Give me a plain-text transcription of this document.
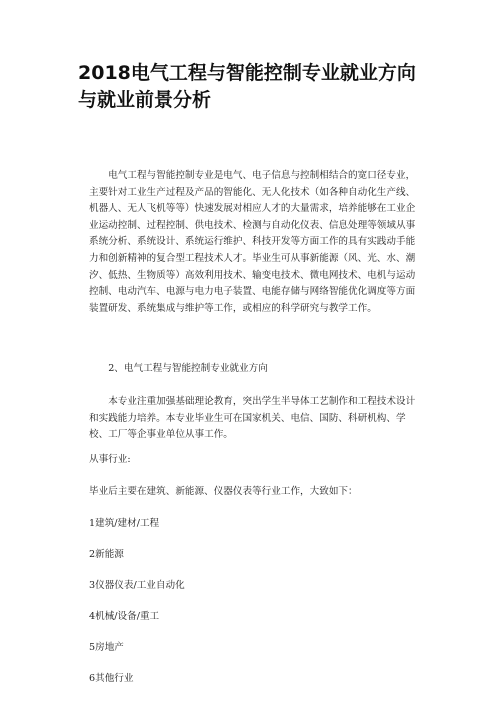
2018电气工程与智能控制专业就业方向与就业前景分析

电气工程与智能控制专业是电气、电子信息与控制相结合的宽口径专业，主要针对工业生产过程及产品的智能化、无人化技术（如各种自动化生产线、机器人、无人飞机等等）快速发展对相应人才的大量需求，培养能够在工业企业运动控制、过程控制、供电技术、检测与自动化仪表、信息处理等领域从事系统分析、系统设计、系统运行维护、科技开发等方面工作的具有实践动手能力和创新精神的复合型工程技术人才。毕业生可从事新能源（风、光、水、潮汐、低热、生物质等）高效利用技术、输变电技术、微电网技术、电机与运动控制、电动汽车、电源与电力电子装置、电能存储与网络智能优化调度等方面装置研发、系统集成与维护等工作，或相应的科学研究与教学工作。

2、电气工程与智能控制专业就业方向

本专业注重加强基础理论教育，突出学生半导体工艺制作和工程技术设计和实践能力培养。本专业毕业生可在国家机关、电信、国防、科研机构、学校、工厂等企事业单位从事工作。

从事行业:

毕业后主要在建筑、新能源、仪器仪表等行业工作，大致如下：

1建筑/建材/工程

2新能源

3仪器仪表/工业自动化

4机械/设备/重工

5房地产

6其他行业
